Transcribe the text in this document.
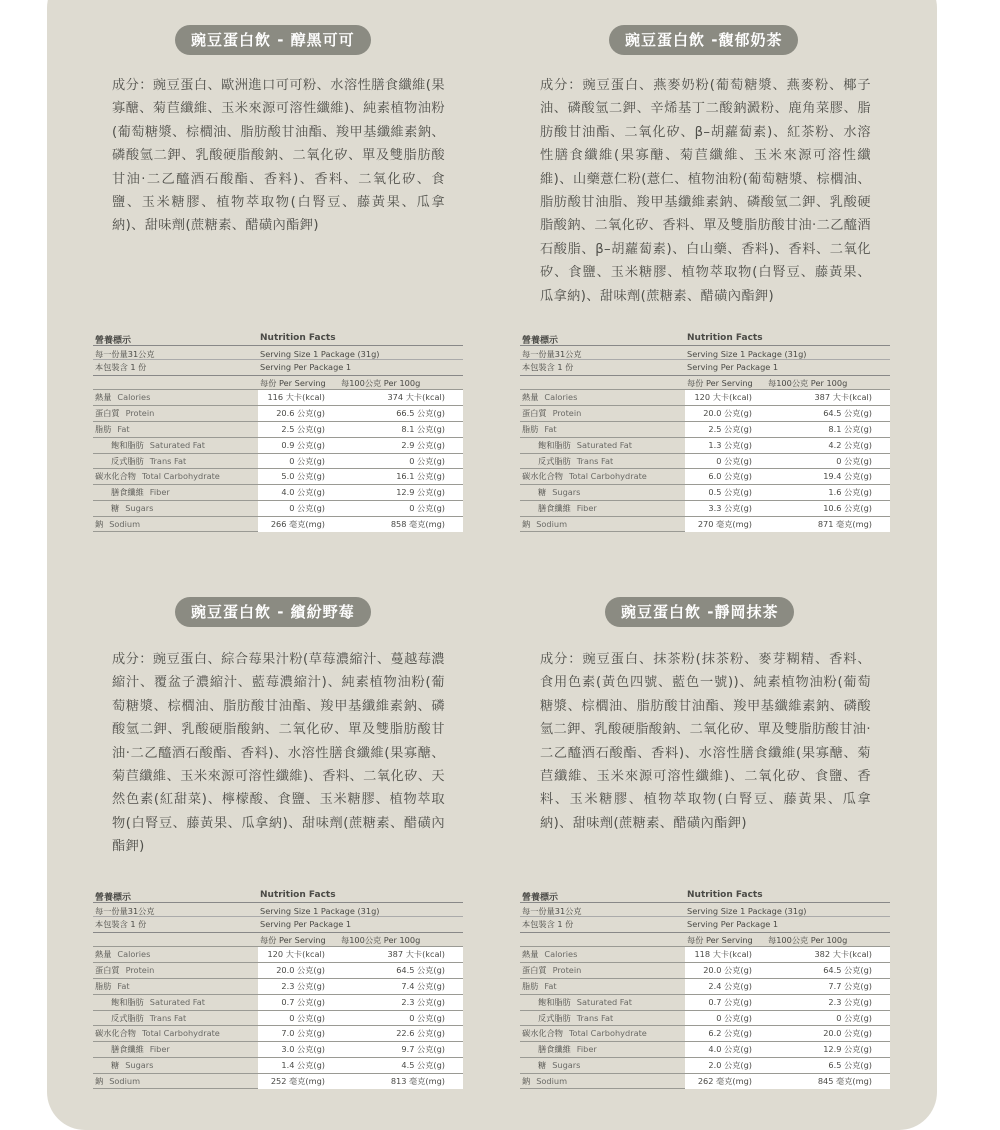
豌豆蛋白飲 - 醇黑可可
成分：豌豆蛋白、歐洲進口可可粉、水溶性膳食纖維(果寡醣、菊苣纖維、玉米來源可溶性纖維)、純素植物油粉(葡萄糖漿、棕櫚油、脂肪酸甘油酯、羧甲基纖維素鈉、磷酸氫二鉀、乳酸硬脂酸鈉、二氧化矽、單及雙脂肪酸甘油‧二乙醯酒石酸酯、香料)、香料、二氧化矽、食鹽、玉米糖膠、植物萃取物(白腎豆、藤黃果、瓜拿納)、甜味劑(蔗糖素、醋磺內酯鉀)
豌豆蛋白飲 -馥郁奶茶
成分：豌豆蛋白、燕麥奶粉(葡萄糖漿、燕麥粉、椰子油、磷酸氫二鉀、辛烯基丁二酸鈉澱粉、鹿角菜膠、脂肪酸甘油酯、二氧化矽、β–胡蘿蔔素)、紅茶粉、水溶性膳食纖維(果寡醣、菊苣纖維、玉米來源可溶性纖維)、山藥薏仁粉(薏仁、植物油粉(葡萄糖漿、棕櫚油、脂肪酸甘油脂、羧甲基纖維素鈉、磷酸氫二鉀、乳酸硬脂酸鈉、二氧化矽、香料、單及雙脂肪酸甘油‧二乙醯酒石酸脂、β–胡蘿蔔素)、白山藥、香料)、香料、二氧化矽、食鹽、玉米糖膠、植物萃取物(白腎豆、藤黃果、瓜拿納)、甜味劑(蔗糖素、醋磺內酯鉀)
豌豆蛋白飲 - 繽紛野莓
成分：豌豆蛋白、綜合莓果汁粉(草莓濃縮汁、蔓越莓濃縮汁、覆盆子濃縮汁、藍莓濃縮汁)、純素植物油粉(葡萄糖漿、棕櫚油、脂肪酸甘油酯、羧甲基纖維素鈉、磷酸氫二鉀、乳酸硬脂酸鈉、二氧化矽、單及雙脂肪酸甘油‧二乙醯酒石酸酯、香料)、水溶性膳食纖維(果寡醣、菊苣纖維、玉米來源可溶性纖維)、香料、二氧化矽、天然色素(紅甜菜)、檸檬酸、食鹽、玉米糖膠、植物萃取物(白腎豆、藤黃果、瓜拿納)、甜味劑(蔗糖素、醋磺內酯鉀)
豌豆蛋白飲 -靜岡抹茶
成分：豌豆蛋白、抹茶粉(抹茶粉、麥芽糊精、香料、食用色素(黃色四號、藍色一號))、純素植物油粉(葡萄糖漿、棕櫚油、脂肪酸甘油酯、羧甲基纖維素鈉、磷酸氫二鉀、乳酸硬脂酸鈉、二氧化矽、單及雙脂肪酸甘油‧二乙醯酒石酸酯、香料)、水溶性膳食纖維(果寡醣、菊苣纖維、玉米來源可溶性纖維)、二氧化矽、食鹽、香料、玉米糖膠、植物萃取物(白腎豆、藤黃果、瓜拿納)、甜味劑(蔗糖素、醋磺內酯鉀)
營養標示	Nutrition Facts
每一份量31公克	Serving Size 1 Package (31g)
本包裝含 1 份	Serving Per Package 1
每份 Per Serving 每100公克 Per 100g
熱量 Calories	116 大卡(kcal)	374 大卡(kcal)
蛋白質 Protein	20.6 公克(g)	66.5 公克(g)
脂肪 Fat	2.5 公克(g)	8.1 公克(g)
飽和脂肪 Saturated Fat	0.9 公克(g)	2.9 公克(g)
反式脂肪 Trans Fat	0 公克(g)	0 公克(g)
碳水化合物 Total Carbohydrate	5.0 公克(g)	16.1 公克(g)
膳食纖維 Fiber	4.0 公克(g)	12.9 公克(g)
糖 Sugars	0 公克(g)	0 公克(g)
鈉 Sodium	266 毫克(mg)	858 毫克(mg)
營養標示	Nutrition Facts
每一份量31公克	Serving Size 1 Package (31g)
本包裝含 1 份	Serving Per Package 1
每份 Per Serving 每100公克 Per 100g
熱量 Calories	120 大卡(kcal)	387 大卡(kcal)
蛋白質 Protein	20.0 公克(g)	64.5 公克(g)
脂肪 Fat	2.5 公克(g)	8.1 公克(g)
飽和脂肪 Saturated Fat	1.3 公克(g)	4.2 公克(g)
反式脂肪 Trans Fat	0 公克(g)	0 公克(g)
碳水化合物 Total Carbohydrate	6.0 公克(g)	19.4 公克(g)
糖 Sugars	0.5 公克(g)	1.6 公克(g)
膳食纖維 Fiber	3.3 公克(g)	10.6 公克(g)
鈉 Sodium	270 毫克(mg)	871 毫克(mg)
營養標示	Nutrition Facts
每一份量31公克	Serving Size 1 Package (31g)
本包裝含 1 份	Serving Per Package 1
每份 Per Serving 每100公克 Per 100g
熱量 Calories	120 大卡(kcal)	387 大卡(kcal)
蛋白質 Protein	20.0 公克(g)	64.5 公克(g)
脂肪 Fat	2.3 公克(g)	7.4 公克(g)
飽和脂肪 Saturated Fat	0.7 公克(g)	2.3 公克(g)
反式脂肪 Trans Fat	0 公克(g)	0 公克(g)
碳水化合物 Total Carbohydrate	7.0 公克(g)	22.6 公克(g)
膳食纖維 Fiber	3.0 公克(g)	9.7 公克(g)
糖 Sugars	1.4 公克(g)	4.5 公克(g)
鈉 Sodium	252 毫克(mg)	813 毫克(mg)
營養標示	Nutrition Facts
每一份量31公克	Serving Size 1 Package (31g)
本包裝含 1 份	Serving Per Package 1
每份 Per Serving 每100公克 Per 100g
熱量 Calories	118 大卡(kcal)	382 大卡(kcal)
蛋白質 Protein	20.0 公克(g)	64.5 公克(g)
脂肪 Fat	2.4 公克(g)	7.7 公克(g)
飽和脂肪 Saturated Fat	0.7 公克(g)	2.3 公克(g)
反式脂肪 Trans Fat	0 公克(g)	0 公克(g)
碳水化合物 Total Carbohydrate	6.2 公克(g)	20.0 公克(g)
膳食纖維 Fiber	4.0 公克(g)	12.9 公克(g)
糖 Sugars	2.0 公克(g)	6.5 公克(g)
鈉 Sodium	262 毫克(mg)	845 毫克(mg)
